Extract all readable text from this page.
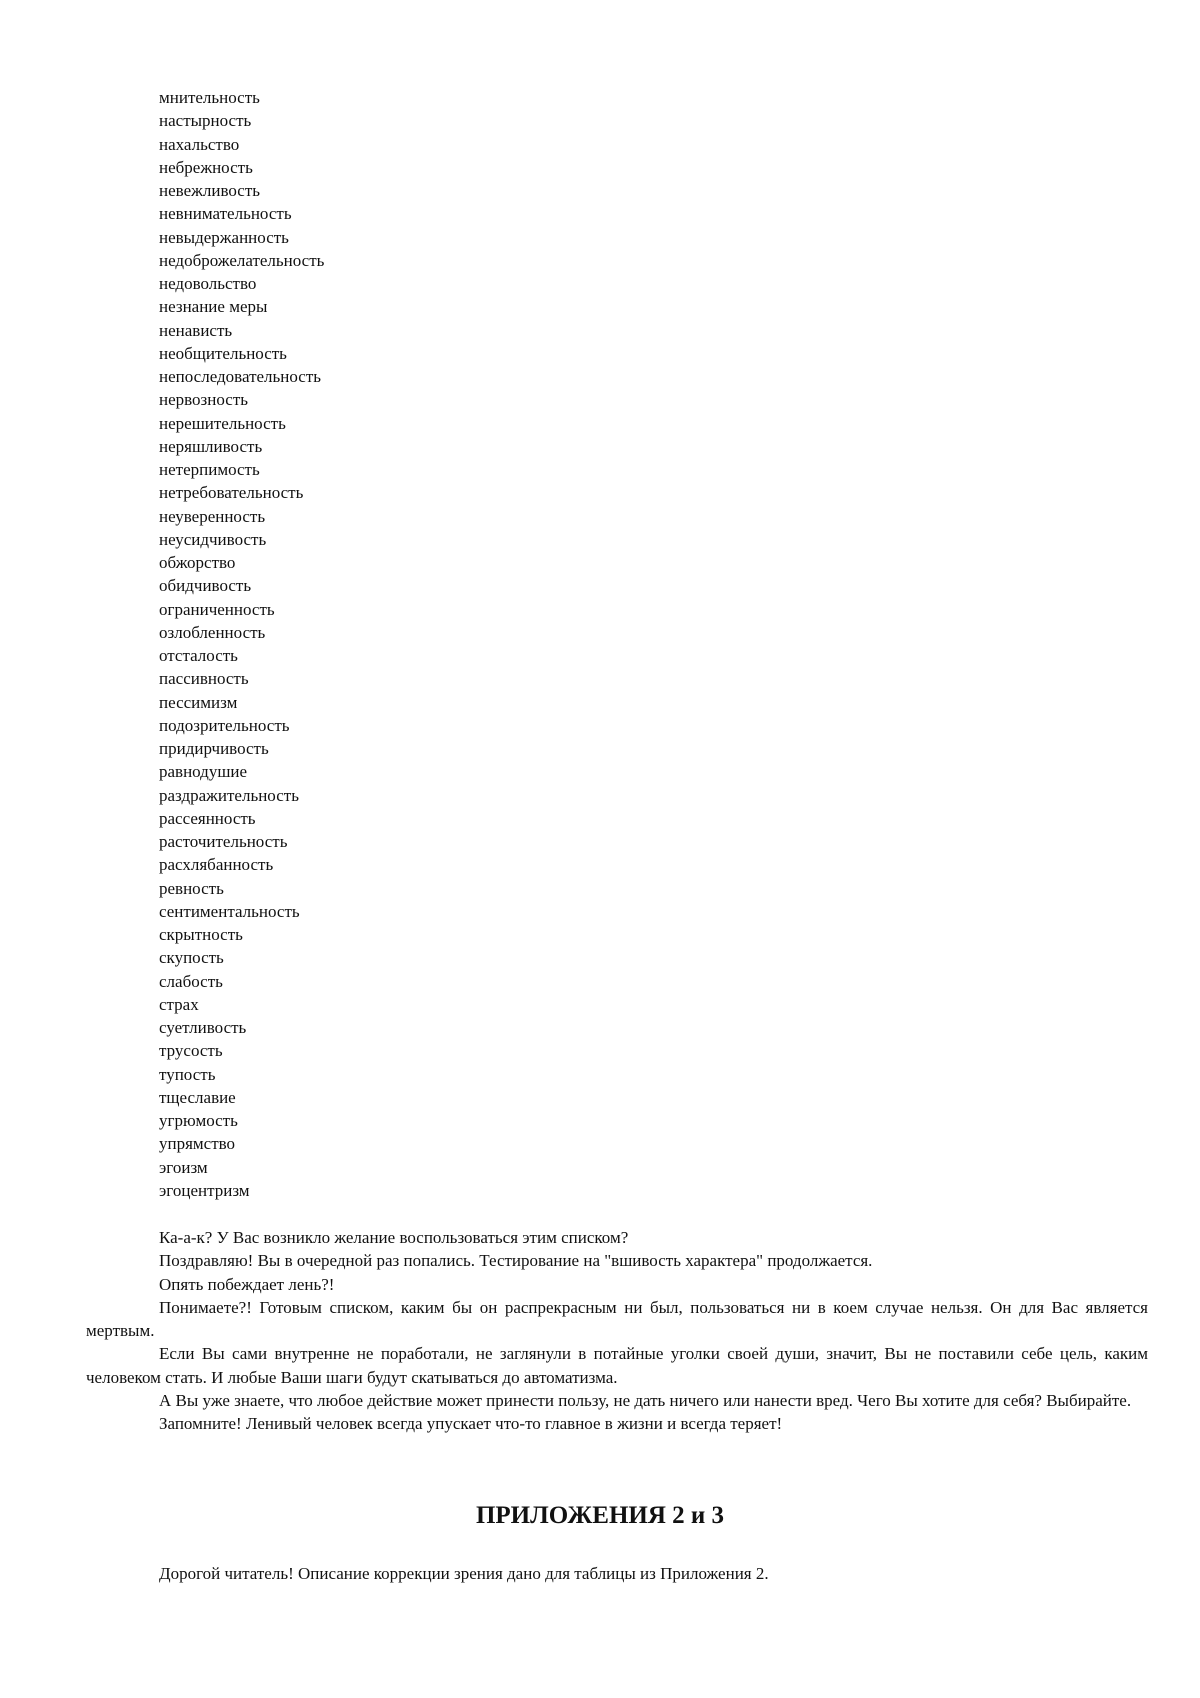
мнительность
настырность
нахальство
небрежность
невежливость
невнимательность
невыдержанность
недоброжелательность
недовольство
незнание меры
ненависть
необщительность
непоследовательность
нервозность
нерешительность
неряшливость
нетерпимость
нетребовательность
неуверенность
неусидчивость
обжорство
обидчивость
ограниченность
озлобленность
отсталость
пассивность
пессимизм
подозрительность
придирчивость
равнодушие
раздражительность
рассеянность
расточительность
расхлябанность
ревность
сентиментальность
скрытность
скупость
слабость
страх
суетливость
трусость
тупость
тщеславие
угрюмость
упрямство
эгоизм
эгоцентризм

Ка-а-к? У Вас возникло желание воспользоваться этим списком?

Поздравляю! Вы в очередной раз попались. Тестирование на "вшивость характера" продолжается.

Опять побеждает лень?!

Понимаете?! Готовым списком, каким бы он распрекрасным ни был, пользоваться ни в коем случае нельзя. Он для Вас является мертвым.

Если Вы сами внутренне не поработали, не заглянули в потайные уголки своей души, значит, Вы не поставили себе цель, каким человеком стать. И любые Ваши шаги будут скатываться до автоматизма.

А Вы уже знаете, что любое действие может принести пользу, не дать ничего или нанести вред. Чего Вы хотите для себя? Выбирайте.

Запомните! Ленивый человек всегда упускает что-то главное в жизни и всегда теряет!

ПРИЛОЖЕНИЯ 2 и 3

Дорогой читатель! Описание коррекции зрения дано для таблицы из Приложения 2.
